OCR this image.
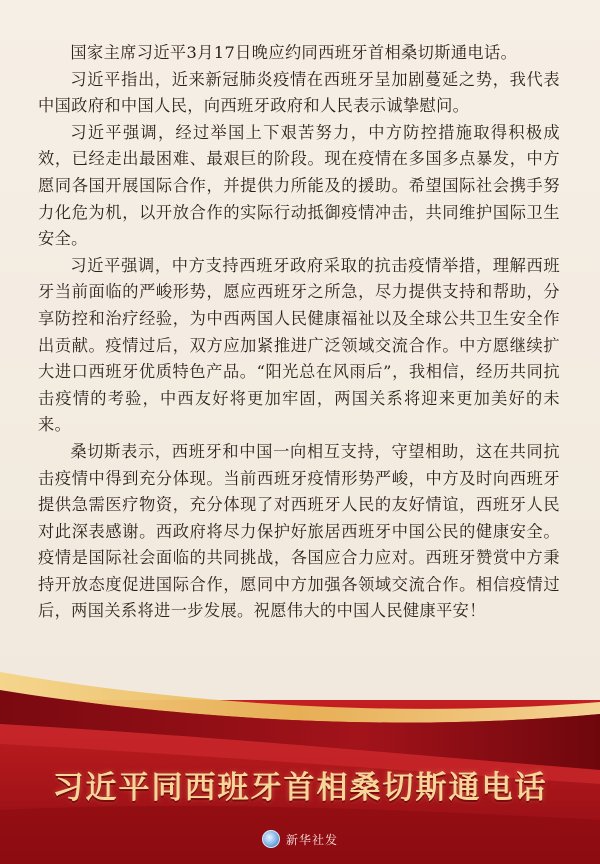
国家主席习近平3月17日晚应约同西班牙首相桑切斯通电话。

习近平指出，近来新冠肺炎疫情在西班牙呈加剧蔓延之势，我代表中国政府和中国人民，向西班牙政府和人民表示诚挚慰问。

习近平强调，经过举国上下艰苦努力，中方防控措施取得积极成效，已经走出最困难、最艰巨的阶段。现在疫情在多国多点暴发，中方愿同各国开展国际合作，并提供力所能及的援助。希望国际社会携手努力化危为机，以开放合作的实际行动抵御疫情冲击，共同维护国际卫生安全。

习近平强调，中方支持西班牙政府采取的抗击疫情举措，理解西班牙当前面临的严峻形势，愿应西班牙之所急，尽力提供支持和帮助，分享防控和治疗经验，为中西两国人民健康福祉以及全球公共卫生安全作出贡献。疫情过后，双方应加紧推进广泛领域交流合作。中方愿继续扩大进口西班牙优质特色产品。“阳光总在风雨后”，我相信，经历共同抗击疫情的考验，中西友好将更加牢固，两国关系将迎来更加美好的未来。

桑切斯表示，西班牙和中国一向相互支持，守望相助，这在共同抗击疫情中得到充分体现。当前西班牙疫情形势严峻，中方及时向西班牙提供急需医疗物资，充分体现了对西班牙人民的友好情谊，西班牙人民对此深表感谢。西政府将尽力保护好旅居西班牙中国公民的健康安全。疫情是国际社会面临的共同挑战，各国应合力应对。西班牙赞赏中方秉持开放态度促进国际合作，愿同中方加强各领域交流合作。相信疫情过后，两国关系将进一步发展。祝愿伟大的中国人民健康平安！

习近平同西班牙首相桑切斯通电话
新华社发
